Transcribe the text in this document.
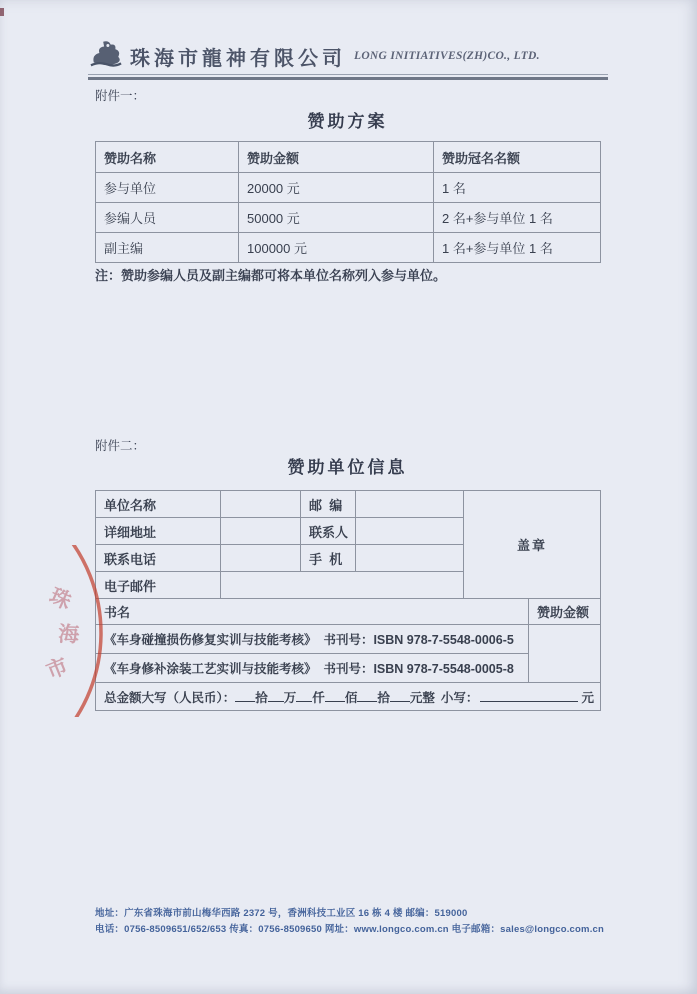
珠海市龍神有限公司 LONG INITIATIVES(ZH)CO., LTD.
附件一：
赞助方案
赞助名称	赞助金额	赞助冠名名额
参与单位	20000 元	1 名
参编人员	50000 元	2 名+参与单位 1 名
副主编	100000 元	1 名+参与单位 1 名
注：赞助参编人员及副主编都可将本单位名称列入参与单位。
附件二：
赞助单位信息
单位名称		邮  编		盖章	
详细地址		联系人			
联系电话		手  机			
电子邮件					
书名					赞助金额
《车身碰撞损伤修复实训与技能考核》  书刊号：ISBN 978-7-5548-0006-5					
《车身修补涂装工艺实训与技能考核》  书刊号：ISBN 978-7-5548-0005-8					

总金额大写（人民币）： 拾 万 仟 佰 拾 元整 小写：	元
珠
海
市
地址：广东省珠海市前山梅华西路 2372 号，香洲科技工业区 16 栋 4 楼 邮编：519000
电话：0756-8509651/652/653 传真：0756-8509650 网址：www.longco.com.cn 电子邮箱：sales@longco.com.cn
